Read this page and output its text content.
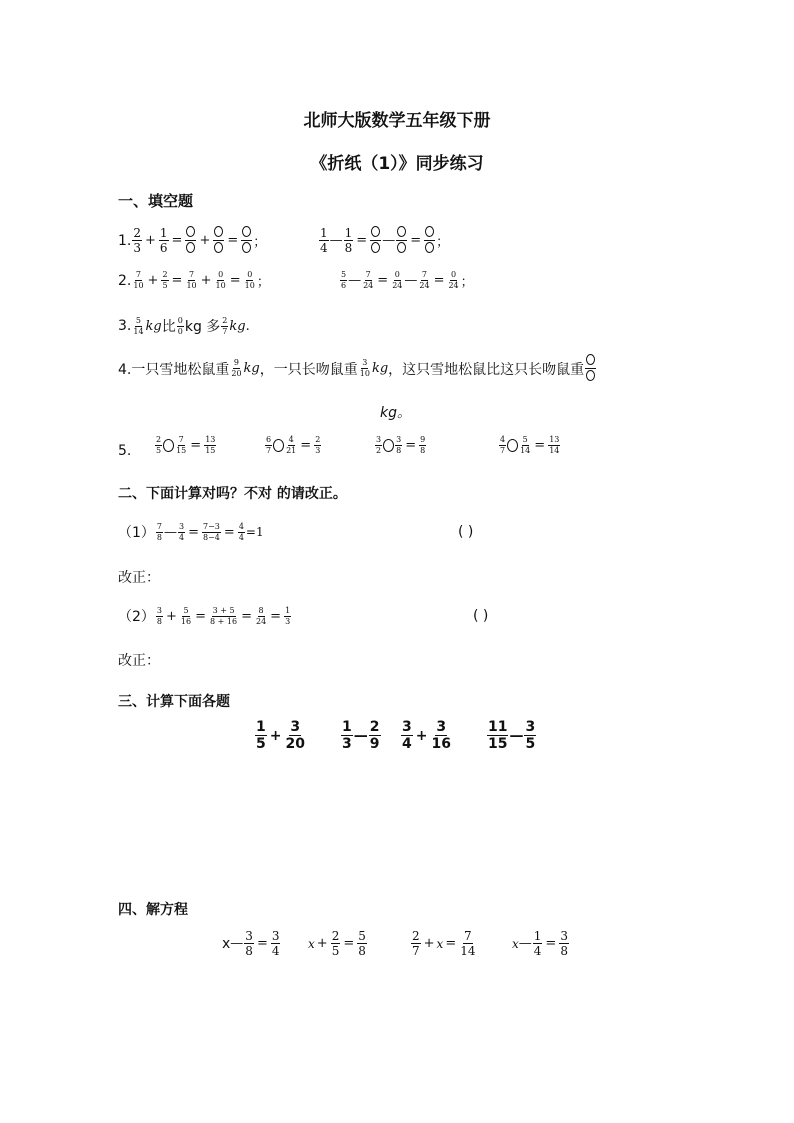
北师大版数学五年级下册
《折纸（1）》同步练习
一、填空题
1. 2
$3 + \frac{1}{6}$ = + = ；
1
4 — $\frac{1}{8}$ = — = ；
2. 7
$10 + \frac{2}{5} = \frac{7}{10} + \frac{0}{10} = \frac{0}{10}$ ；
5
6 — $\frac{7}{24} = \frac{0}{24}$ — $\frac{7}{24} = \frac{0}{24}$ ；
3. 5
14 kg 比 0
0 kg 多 2
7 kg .
4.一只雪地松鼠重 9
20 kg ，一只长吻鼠重 3
10 kg ，这只雪地松鼠比这只长吻鼠重
kg。
5.
2
$5 \frac{7}{15} = \frac{13}{15}$	6
$7 \frac{4}{21} = \frac{2}{3}$	3
$2 \frac{3}{8} = \frac{9}{8}$	4
$7 \frac{5}{14} = \frac{13}{14}$
二、下面计算对吗？不对 的请改正。
（1） 7
8 — $\frac{3}{4} = \frac{7-3}{8-4} = \frac{4}{4} =1$	( )
改正：
（2） 3
$8 + \frac{5}{16} = \frac{3 + 5}{8 + 16} = \frac{8}{24} = \frac{1}{3}$	( )
改正：
三、计算下面各题
1
5
+ $\frac{3}{20}$	1
3
—
2
9
3
4
+ $\frac{3}{16}$	11
15
—
3
5
四、解方程
x — $\frac{3}{8} = \frac{3}{4}$ $x + \frac{2}{5} = \frac{5}{8}$	2
$7 + x = \frac{7}{14}$	x — $\frac{1}{4} = \frac{3}{8}$
